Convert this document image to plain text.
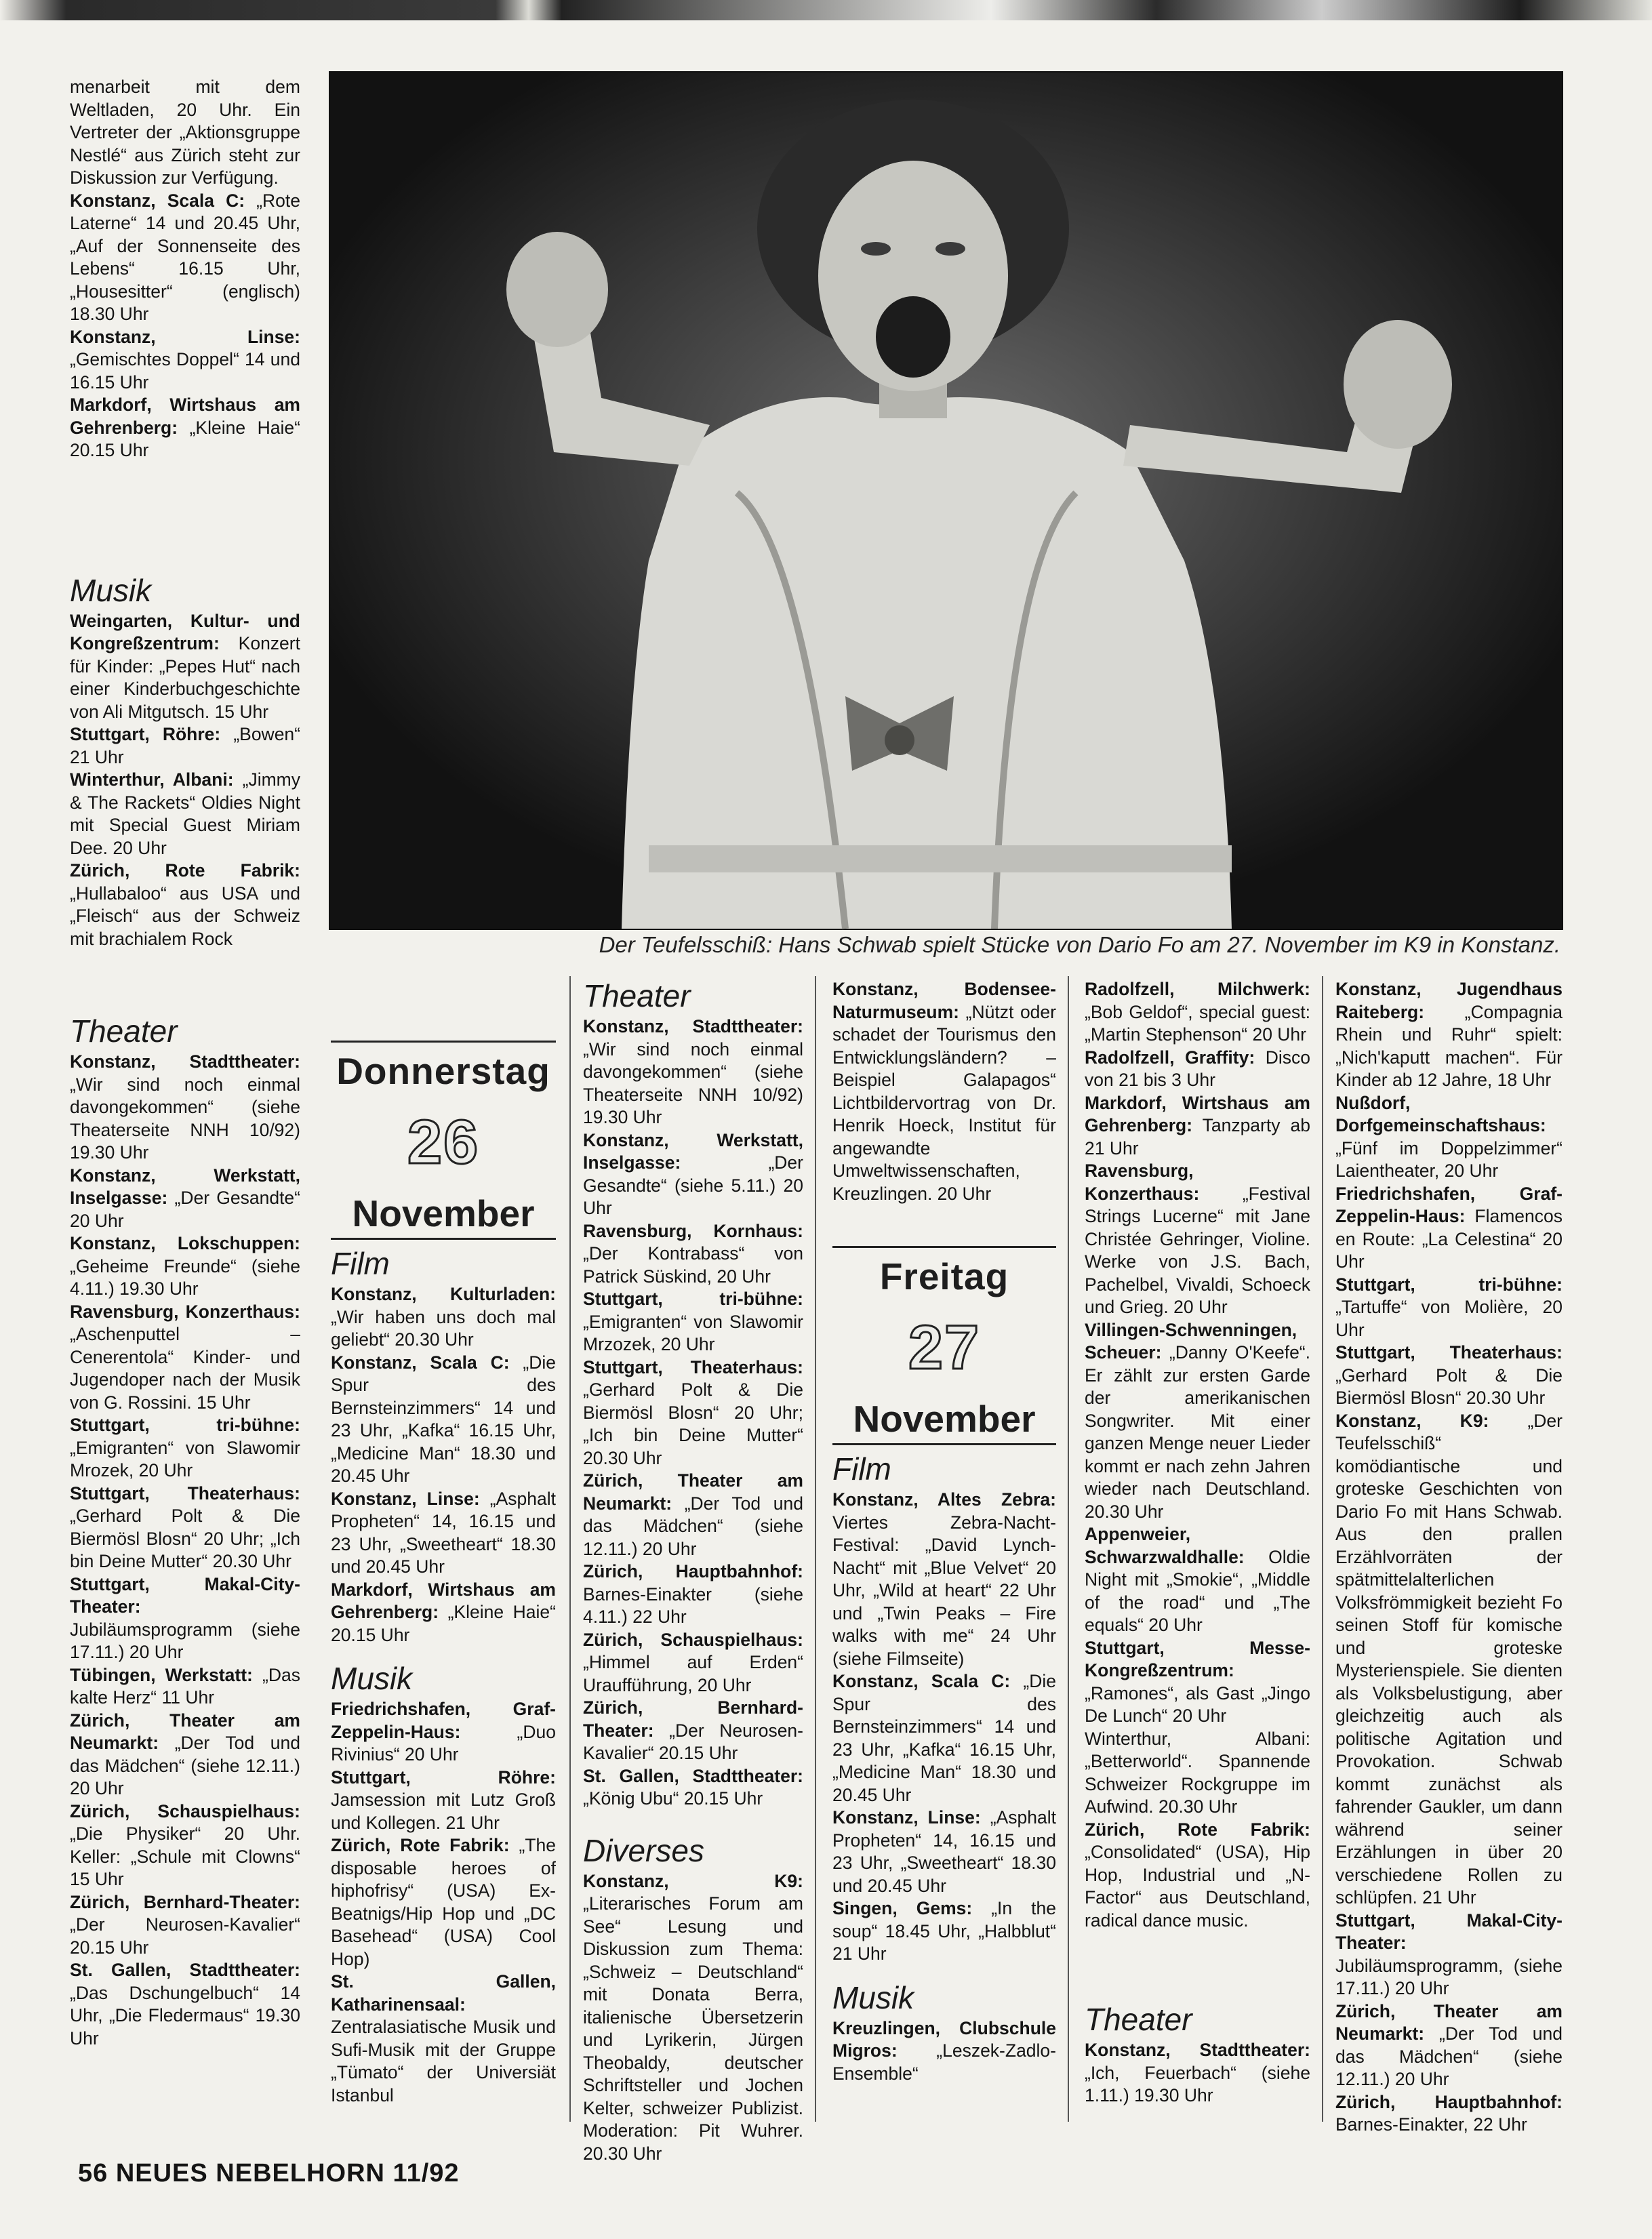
menarbeit mit dem Weltladen, 20 Uhr. Ein Vertreter der „Aktionsgruppe Nestlé“ aus Zürich steht zur Diskussion zur Verfügung.

Konstanz, Scala C: „Rote Laterne“ 14 und 20.45 Uhr, „Auf der Sonnenseite des Lebens“ 16.15 Uhr, „Housesitter“ (englisch) 18.30 Uhr

Konstanz, Linse: „Gemischtes Doppel“ 14 und 16.15 Uhr

Markdorf, Wirtshaus am Gehrenberg: „Kleine Haie“ 20.15 Uhr

Musik

Weingarten, Kultur- und Kongreßzentrum: Konzert für Kinder: „Pepes Hut“ nach einer Kinderbuchgeschichte von Ali Mitgutsch. 15 Uhr

Stuttgart, Röhre: „Bowen“ 21 Uhr

Winterthur, Albani: „Jimmy & The Rackets“ Oldies Night mit Special Guest Miriam Dee. 20 Uhr

Zürich, Rote Fabrik: „Hullabaloo“ aus USA und „Fleisch“ aus der Schweiz mit brachialem Rock

Theater

Konstanz, Stadttheater: „Wir sind noch einmal davongekommen“ (siehe Theaterseite NNH 10/92) 19.30 Uhr

Konstanz, Werkstatt, Inselgasse: „Der Gesandte“ 20 Uhr

Konstanz, Lokschuppen: „Geheime Freunde“ (siehe 4.11.) 19.30 Uhr

Ravensburg, Konzerthaus: „Aschenputtel – Cenerentola“ Kinder- und Jugendoper nach der Musik von G. Rossini. 15 Uhr

Stuttgart, tri-bühne: „Emigranten“ von Slawomir Mrozek, 20 Uhr

Stuttgart, Theaterhaus: „Gerhard Polt & Die Biermösl Blosn“ 20 Uhr; „Ich bin Deine Mutter“ 20.30 Uhr

Stuttgart, Makal-City-Theater: Jubiläumsprogramm (siehe 17.11.) 20 Uhr

Tübingen, Werkstatt: „Das kalte Herz“ 11 Uhr

Zürich, Theater am Neumarkt: „Der Tod und das Mädchen“ (siehe 12.11.) 20 Uhr

Zürich, Schauspielhaus: „Die Physiker“ 20 Uhr. Keller: „Schule mit Clowns“ 15 Uhr

Zürich, Bernhard-Theater: „Der Neurosen-Kavalier“ 20.15 Uhr

St. Gallen, Stadttheater: „Das Dschungelbuch“ 14 Uhr, „Die Fledermaus“ 19.30 Uhr

Der Teufelsschiß: Hans Schwab spielt Stücke von Dario Fo am 27. November im K9 in Konstanz.
Donnerstag
26
November

Film

Konstanz, Kulturladen: „Wir haben uns doch mal geliebt“ 20.30 Uhr

Konstanz, Scala C: „Die Spur des Bernsteinzimmers“ 14 und 23 Uhr, „Kafka“ 16.15 Uhr, „Medicine Man“ 18.30 und 20.45 Uhr

Konstanz, Linse: „Asphalt Propheten“ 14, 16.15 und 23 Uhr, „Sweetheart“ 18.30 und 20.45 Uhr

Markdorf, Wirtshaus am Gehrenberg: „Kleine Haie“ 20.15 Uhr

Musik

Friedrichshafen, Graf-Zeppelin-Haus: „Duo Rivinius“ 20 Uhr

Stuttgart, Röhre: Jamsession mit Lutz Groß und Kollegen. 21 Uhr

Zürich, Rote Fabrik: „The disposable heroes of hiphofrisy“ (USA) Ex-Beatnigs/Hip Hop und „DC Basehead“ (USA) Cool Hop)

St. Gallen, Katharinensaal: Zentralasiatische Musik und Sufi-Musik mit der Gruppe „Tümato“ der Universiät Istanbul

Theater

Konstanz, Stadttheater: „Wir sind noch einmal davongekommen“ (siehe Theaterseite NNH 10/92) 19.30 Uhr

Konstanz, Werkstatt, Inselgasse: „Der Gesandte“ (siehe 5.11.) 20 Uhr

Ravensburg, Kornhaus: „Der Kontrabass“ von Patrick Süskind, 20 Uhr

Stuttgart, tri-bühne: „Emigranten“ von Slawomir Mrzozek, 20 Uhr

Stuttgart, Theaterhaus: „Gerhard Polt & Die Biermösl Blosn“ 20 Uhr; „Ich bin Deine Mutter“ 20.30 Uhr

Zürich, Theater am Neumarkt: „Der Tod und das Mädchen“ (siehe 12.11.) 20 Uhr

Zürich, Hauptbahnhof: Barnes-Einakter (siehe 4.11.) 22 Uhr

Zürich, Schauspielhaus: „Himmel auf Erden“ Uraufführung, 20 Uhr

Zürich, Bernhard-Theater: „Der Neurosen-Kavalier“ 20.15 Uhr

St. Gallen, Stadttheater: „König Ubu“ 20.15 Uhr

Diverses

Konstanz, K9: „Literarisches Forum am See“ Lesung und Diskussion zum Thema: „Schweiz – Deutschland“ mit Donata Berra, italienische Übersetzerin und Lyrikerin, Jürgen Theobaldy, deutscher Schriftsteller und Jochen Kelter, schweizer Publizist. Moderation: Pit Wuhrer. 20.30 Uhr

Konstanz, Bodensee-Naturmuseum: „Nützt oder schadet der Tourismus den Entwicklungsländern? – Beispiel Galapagos“ Lichtbildervortrag von Dr. Henrik Hoeck, Institut für angewandte Umweltwissenschaften, Kreuzlingen. 20 Uhr

Freitag
27
November

Film

Konstanz, Altes Zebra: Viertes Zebra-Nacht-Festival: „David Lynch-Nacht“ mit „Blue Velvet“ 20 Uhr, „Wild at heart“ 22 Uhr und „Twin Peaks – Fire walks with me“ 24 Uhr (siehe Filmseite)

Konstanz, Scala C: „Die Spur des Bernsteinzimmers“ 14 und 23 Uhr, „Kafka“ 16.15 Uhr, „Medicine Man“ 18.30 und 20.45 Uhr

Konstanz, Linse: „Asphalt Propheten“ 14, 16.15 und 23 Uhr, „Sweetheart“ 18.30 und 20.45 Uhr

Singen, Gems: „In the soup“ 18.45 Uhr, „Halbblut“ 21 Uhr

Musik

Kreuzlingen, Clubschule Migros: „Leszek-Zadlo-Ensemble“

Radolfzell, Milchwerk: „Bob Geldof“, special guest: „Martin Stephenson“ 20 Uhr

Radolfzell, Graffity: Disco von 21 bis 3 Uhr

Markdorf, Wirtshaus am Gehrenberg: Tanzparty ab 21 Uhr

Ravensburg, Konzerthaus: „Festival Strings Lucerne“ mit Jane Christée Gehringer, Violine. Werke von J.S. Bach, Pachelbel, Vivaldi, Schoeck und Grieg. 20 Uhr

Villingen-Schwenningen, Scheuer: „Danny O'Keefe“. Er zählt zur ersten Garde der amerikanischen Songwriter. Mit einer ganzen Menge neuer Lieder kommt er nach zehn Jahren wieder nach Deutschland. 20.30 Uhr

Appenweier, Schwarzwaldhalle: Oldie Night mit „Smokie“, „Middle of the road“ und „The equals“ 20 Uhr

Stuttgart, Messe-Kongreßzentrum: „Ramones“, als Gast „Jingo De Lunch“ 20 Uhr

Winterthur, Albani: „Betterworld“. Spannende Schweizer Rockgruppe im Aufwind. 20.30 Uhr

Zürich, Rote Fabrik: „Consolidated“ (USA), Hip Hop, Industrial und „N-Factor“ aus Deutschland, radical dance music.

Theater

Konstanz, Stadttheater: „Ich, Feuerbach“ (siehe 1.11.) 19.30 Uhr

Konstanz, Jugendhaus Raiteberg: „Compagnia Rhein und Ruhr“ spielt: „Nich'kaputt machen“. Für Kinder ab 12 Jahre, 18 Uhr

Nußdorf, Dorfgemeinschaftshaus: „Fünf im Doppelzimmer“ Laientheater, 20 Uhr

Friedrichshafen, Graf-Zeppelin-Haus: Flamencos en Route: „La Celestina“ 20 Uhr

Stuttgart, tri-bühne: „Tartuffe“ von Molière, 20 Uhr

Stuttgart, Theaterhaus: „Gerhard Polt & Die Biermösl Blosn“ 20.30 Uhr

Konstanz, K9: „Der Teufelsschiß“ komödiantische und groteske Geschichten von Dario Fo mit Hans Schwab. Aus den prallen Erzählvorräten der spätmittelalterlichen Volksfrömmigkeit bezieht Fo seinen Stoff für komische und groteske Mysterienspiele. Sie dienten als Volksbelustigung, aber gleichzeitig auch als politische Agitation und Provokation. Schwab kommt zunächst als fahrender Gaukler, um dann während seiner Erzählungen in über 20 verschiedene Rollen zu schlüpfen. 21 Uhr

Stuttgart, Makal-City-Theater: Jubiläumsprogramm, (siehe 17.11.) 20 Uhr

Zürich, Theater am Neumarkt: „Der Tod und das Mädchen“ (siehe 12.11.) 20 Uhr

Zürich, Hauptbahnhof: Barnes-Einakter, 22 Uhr

56 NEUES NEBELHORN 11/92
